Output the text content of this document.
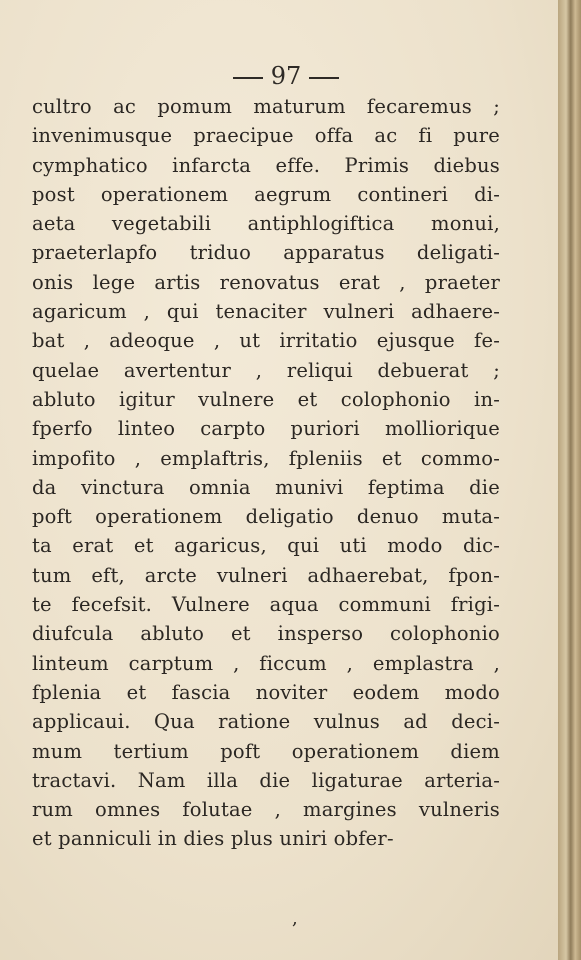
97
cultro ac pomum maturum fecaremus ;
invenimusque praecipue offa ac fi pure
cymphatico infarcta effe. Primis diebus
post operationem aegrum contineri di-
aeta vegetabili antiphlogiftica monui,
praeterlapfo triduo apparatus deligati-
onis lege artis renovatus erat , praeter
agaricum , qui tenaciter vulneri adhaere-
bat , adeoque , ut irritatio ejusque fe-
quelae avertentur , reliqui debuerat ;
abluto igitur vulnere et colophonio in-
fperfo linteo carpto puriori molliorique
impofito , emplaftris, fpleniis et commo-
da vinctura omnia munivi feptima die
poft operationem deligatio denuo muta-
ta erat et agaricus, qui uti modo dic-
tum eft, arcte vulneri adhaerebat, fpon-
te fecefsit. Vulnere aqua communi frigi-
diufcula abluto et insperso colophonio
linteum carptum , ficcum , emplastra ,
fplenia et fascia noviter eodem modo
applicaui. Qua ratione vulnus ad deci-
mum tertium poft operationem diem
tractavi. Nam illa die ligaturae arteria-
rum omnes folutae , margines vulneris
et panniculi in dies plus uniri obfer-
,
